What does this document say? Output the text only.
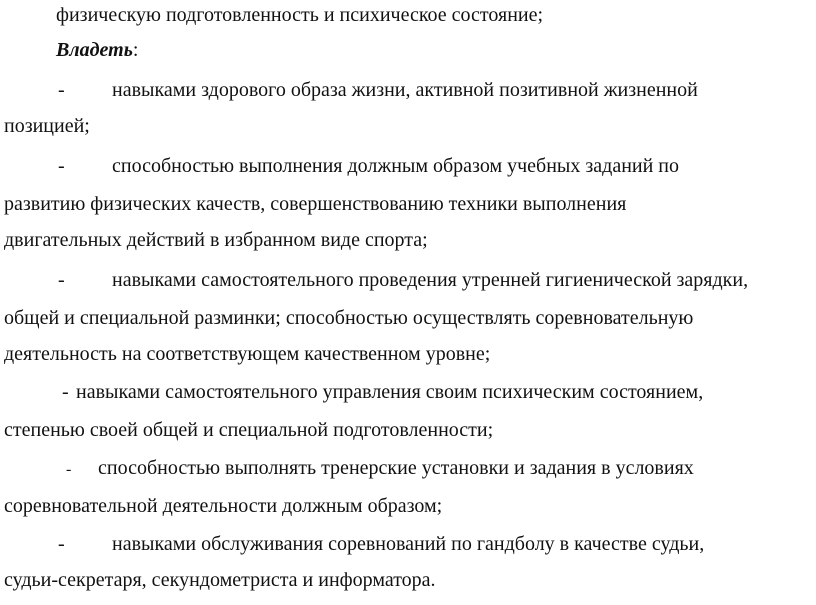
физическую подготовленность и психическое состояние;

Владеть:

- навыками здорового образа жизни, активной позитивной жизненной

позицией;

- способностью выполнения должным образом учебных заданий по

развитию физических качеств, совершенствованию техники выполнения

двигательных действий в избранном виде спорта;

- навыками самостоятельного проведения утренней гигиенической зарядки,

общей и специальной разминки; способностью осуществлять соревновательную

деятельность на соответствующем качественном уровне;

- навыками самостоятельного управления своим психическим состоянием,

степенью своей общей и специальной подготовленности;

- способностью выполнять тренерские установки и задания в условиях

соревновательной деятельности должным образом;

- навыками обслуживания соревнований по гандболу в качестве судьи,

судьи-секретаря, секундометриста и информатора.
